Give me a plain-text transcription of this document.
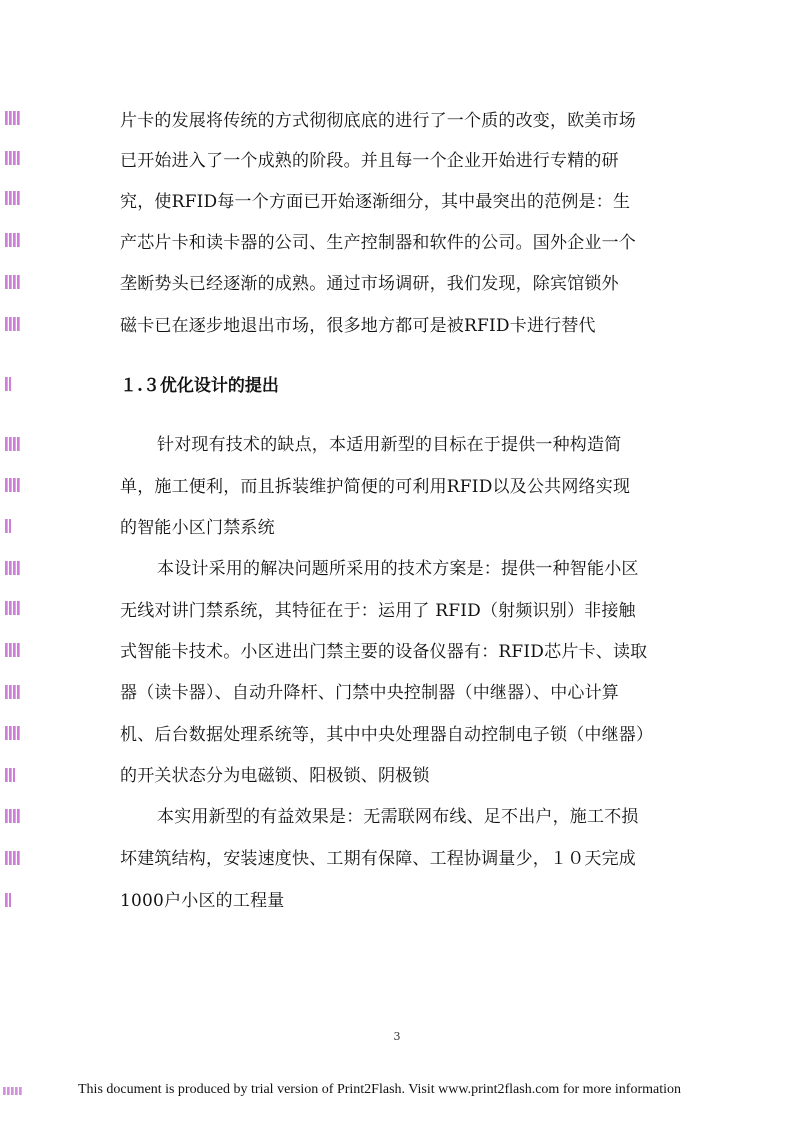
片卡的发展将传统的方式彻彻底底的进行了一个质的改变，欧美市场
已开始进入了一个成熟的阶段。并且每一个企业开始进行专精的研
究，使RFID每一个方面已开始逐渐细分，其中最突出的范例是：生
产芯片卡和读卡器的公司、生产控制器和软件的公司。国外企业一个
垄断势头已经逐渐的成熟。通过市场调研，我们发现，除宾馆锁外
磁卡已在逐步地退出市场，很多地方都可是被RFID卡进行替代
１.３优化设计的提出
针对现有技术的缺点，本适用新型的目标在于提供一种构造简
单，施工便利，而且拆装维护简便的可利用RFID以及公共网络实现
的智能小区门禁系统
本设计采用的解决问题所采用的技术方案是：提供一种智能小区
无线对讲门禁系统，其特征在于：运用了 RFID（射频识别）非接触
式智能卡技术。小区进出门禁主要的设备仪器有：RFID芯片卡、读取
器（读卡器）、自动升降杆、门禁中央控制器（中继器）、中心计算
机、后台数据处理系统等，其中中央处理器自动控制电子锁（中继器）
的开关状态分为电磁锁、阳极锁、阴极锁
本实用新型的有益效果是：无需联网布线、足不出户，施工不损
坏建筑结构，安装速度快、工期有保障、工程协调量少，１０天完成
1000户小区的工程量
3
This document is produced by trial version of Print2Flash. Visit www.print2flash.com for more information
